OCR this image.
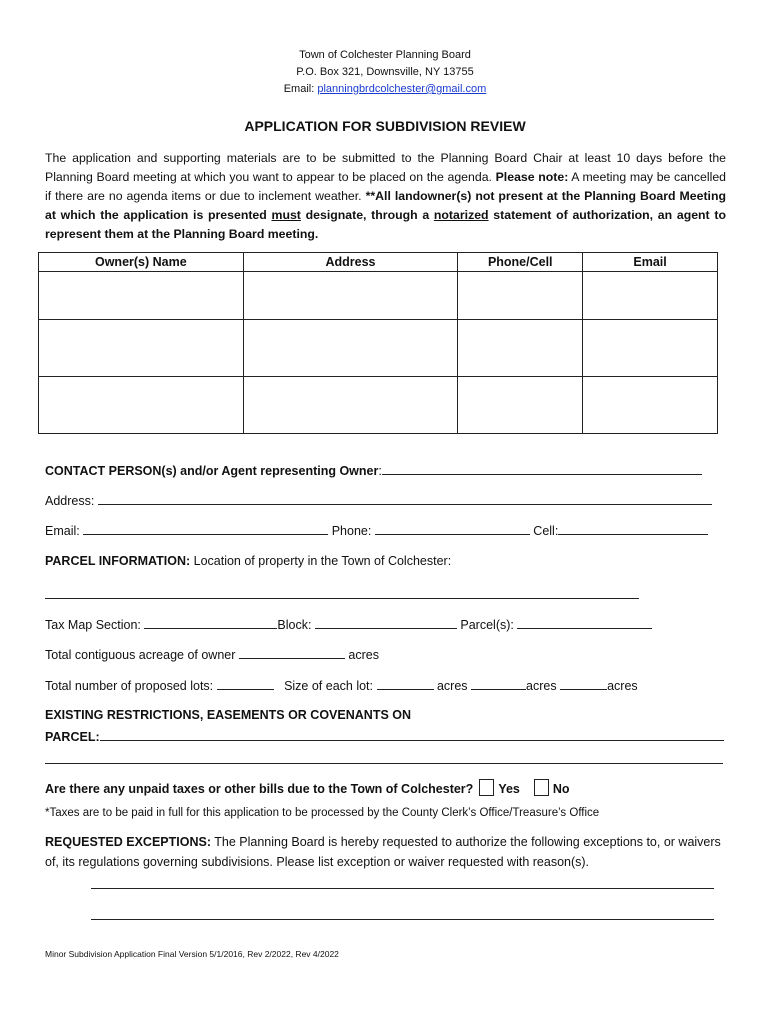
Town of Colchester Planning Board
P.O. Box 321, Downsville, NY 13755
Email: planningbrdcolchester@gmail.com
APPLICATION FOR SUBDIVISION REVIEW
The application and supporting materials are to be submitted to the Planning Board Chair at least 10 days before the Planning Board meeting at which you want to appear to be placed on the agenda. Please note: A meeting may be cancelled if there are no agenda items or due to inclement weather. **All landowner(s) not present at the Planning Board Meeting at which the application is presented must designate, through a notarized statement of authorization, an agent to represent them at the Planning Board meeting.
Owner(s) Name	Address	Phone/Cell	Email

CONTACT PERSON(s) and/or Agent representing Owner:
Address:
Email:	Phone:	Cell:
PARCEL INFORMATION: Location of property in the Town of Colchester:
Tax Map Section:	Block:	Parcel(s):
Total contiguous acreage of owner	acres
Total number of proposed lots:	Size of each lot:	acres	acres	acres
EXISTING RESTRICTIONS, EASEMENTS OR COVENANTS ON
PARCEL:
Are there any unpaid taxes or other bills due to the Town of Colchester? Yes	No
*Taxes are to be paid in full for this application to be processed by the County Clerk’s Office/Treasure’s Office
REQUESTED EXCEPTIONS: The Planning Board is hereby requested to authorize the following exceptions to, or waivers of, its regulations governing subdivisions. Please list exception or waiver requested with reason(s).
Minor Subdivision Application Final Version 5/1/2016, Rev 2/2022, Rev 4/2022
